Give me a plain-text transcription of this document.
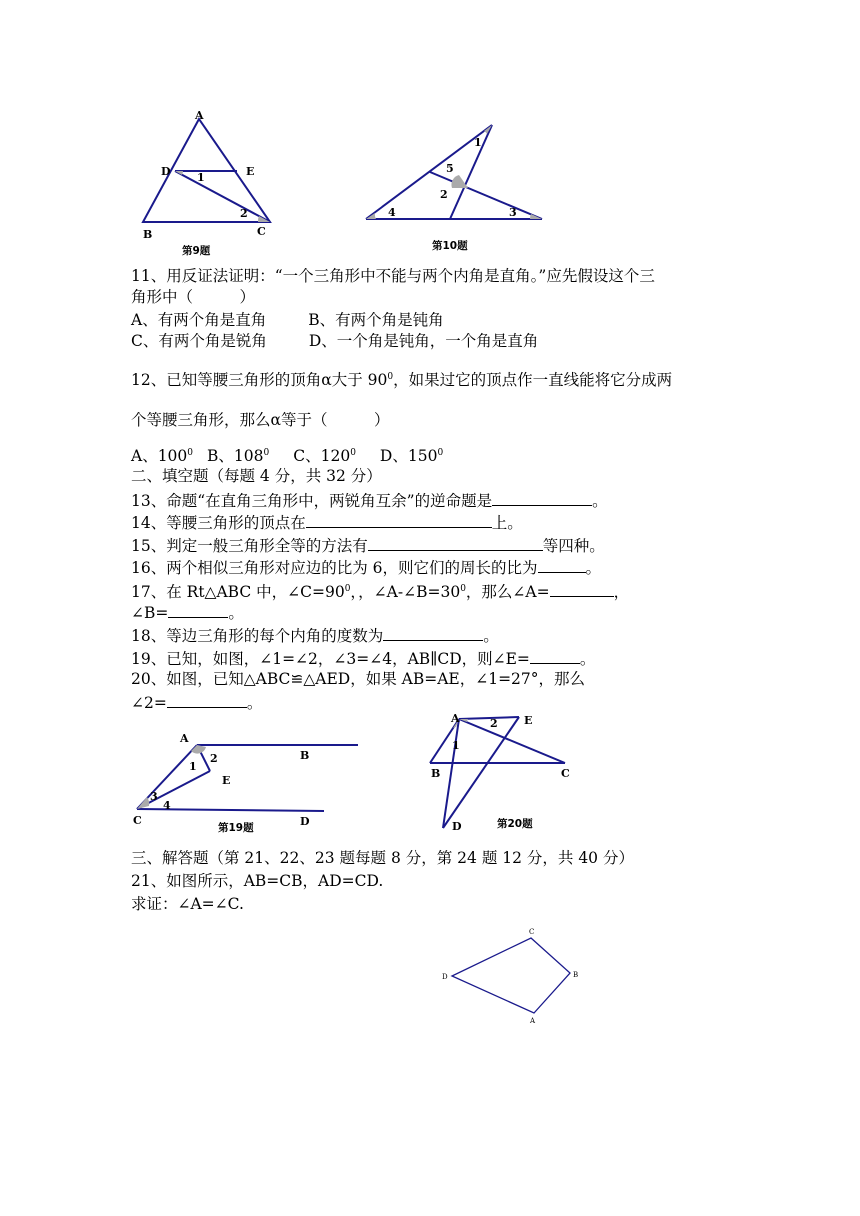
A
D	E
B	C
1
2
第9题
1
2
3
4
5
第10题
A
B
C	D
E
1
2
3
4
第19题
A
B	C
D
E
1
2
第20题
C
B
A
D
11、用反证法证明：“一个三角形中不能与两个内角是直角。”应先假设这个三
角形中（　　　）
A、有两个角是直角	B、有两个角是钝角
C、有两个角是锐角	D、一个角是钝角，一个角是直角
12、已知等腰三角形的顶角α大于 $90^0$，如果过它的顶点作一直线能将它分成两
个等腰三角形，那么α等于（　　　）
A、$100^0$ B、$108^0$ C、$120^0$ D、$150^0$
二、填空题（每题 4 分，共 32 分）
13、命题“在直角三角形中，两锐角互余”的逆命题是	。
14、等腰三角形的顶点在	上。
15、判定一般三角形全等的方法有	等四种。
16、两个相似三角形对应边的比为 6，则它们的周长的比为	。
17、在 Rt△ABC 中，$\angle C=90^0$，，$\angle A-\angle B=30^0$，那么∠A=	，
∠B=	。
18、等边三角形的每个内角的度数为	。
19、已知，如图，∠1=∠2，∠3=∠4，AB∥CD，则∠E=	。
20、如图，已知△ABC≌△AED，如果 AB=AE，∠1=27°，那么
∠2=	。
三、解答题（第 21、22、23 题每题 8 分，第 24 题 12 分，共 40 分）
21、如图所示，AB=CB，AD=CD.
求证：∠A=∠C.
